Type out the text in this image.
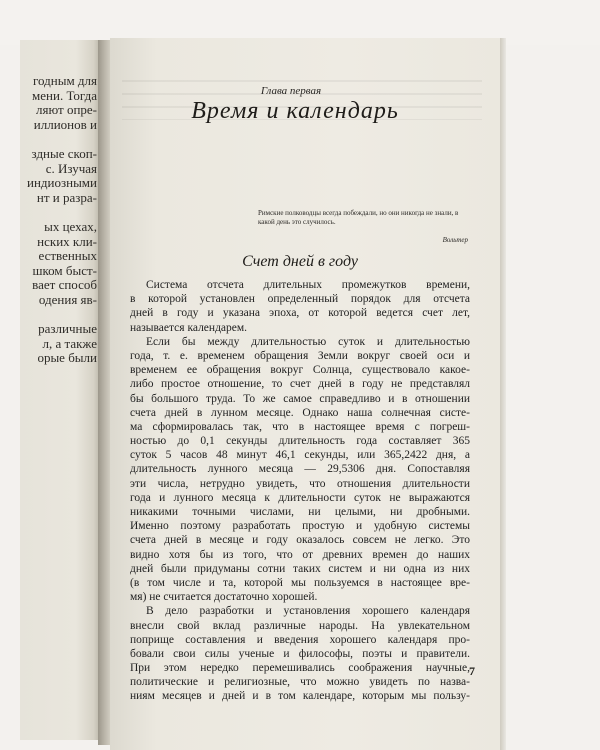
годным для
мени. Тогда
ляют опре-
иллионов и
здные скоп-
с. Изучая
индиозными
нт и разра-
ых цехах,
нских кли-
ественных
шком быст-
вает способ
одения яв-
различные
л, а также
орые были
Глава первая
Время и календарь
Римские полководцы всегда побеждали, но они никогда не знали, в какой день это случилось.
Вольтер
Счет дней в году
Система отсчета длительных промежутков времени,
в которой установлен определенный порядок для отсчета
дней в году и указана эпоха, от которой ведется счет лет,
называется календарем.
Если бы между длительностью суток и длительностью
года, т. е. временем обращения Земли вокруг своей оси и
временем ее обращения вокруг Солнца, существовало какое-
либо простое отношение, то счет дней в году не представлял
бы большого труда. То же самое справедливо и в отношении
счета дней в лунном месяце. Однако наша солнечная систе-
ма сформировалась так, что в настоящее время с погреш-
ностью до 0,1 секунды длительность года составляет 365
суток 5 часов 48 минут 46,1 секунды, или 365,2422 дня, а
длительность лунного месяца — 29,5306 дня. Сопоставляя
эти числа, нетрудно увидеть, что отношения длительности
года и лунного месяца к длительности суток не выражаются
никакими точными числами, ни целыми, ни дробными.
Именно поэтому разработать простую и удобную системы
счета дней в месяце и году оказалось совсем не легко. Это
видно хотя бы из того, что от древних времен до наших
дней были придуманы сотни таких систем и ни одна из них
(в том числе и та, которой мы пользуемся в настоящее вре-
мя) не считается достаточно хорошей.
В дело разработки и установления хорошего календаря
внесли свой вклад различные народы. На увлекательном
поприще составления и введения хорошего календаря про-
бовали свои силы ученые и философы, поэты и правители.
При этом нередко перемешивались соображения научные,
политические и религиозные, что можно увидеть по назва-
ниям месяцев и дней и в том календаре, которым мы пользу-
7
